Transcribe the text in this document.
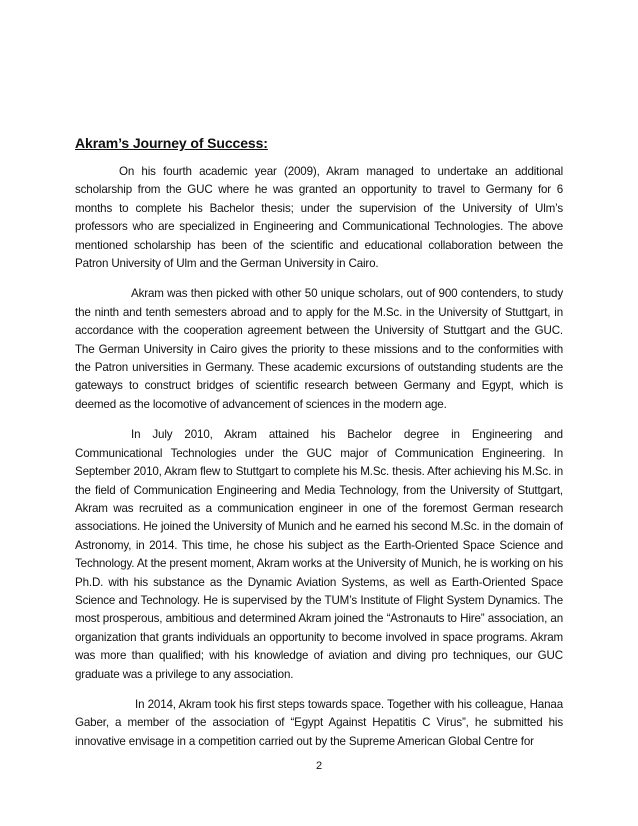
Akram’s Journey of Success:

On his fourth academic year (2009), Akram managed to undertake an additional scholarship from the GUC where he was granted an opportunity to travel to Germany for 6 months to complete his Bachelor thesis; under the supervision of the University of Ulm’s professors who are specialized in Engineering and Communicational Technologies. The above mentioned scholarship has been of the scientific and educational collaboration between the Patron University of Ulm and the German University in Cairo.

Akram was then picked with other 50 unique scholars, out of 900 contenders, to study the ninth and tenth semesters abroad and to apply for the M.Sc. in the University of Stuttgart, in accordance with the cooperation agreement between the University of Stuttgart and the GUC. The German University in Cairo gives the priority to these missions and to the conformities with the Patron universities in Germany. These academic excursions of outstanding students are the gateways to construct bridges of scientific research between Germany and Egypt, which is deemed as the locomotive of advancement of sciences in the modern age.

In July 2010, Akram attained his Bachelor degree in Engineering and Communicational Technologies under the GUC major of Communication Engineering. In September 2010, Akram flew to Stuttgart to complete his M.Sc. thesis. After achieving his M.Sc. in the field of Communication Engineering and Media Technology, from the University of Stuttgart, Akram was recruited as a communication engineer in one of the foremost German research associations. He joined the University of Munich and he earned his second M.Sc. in the domain of Astronomy, in 2014. This time, he chose his subject as the Earth-Oriented Space Science and Technology. At the present moment, Akram works at the University of Munich, he is working on his Ph.D. with his substance as the Dynamic Aviation Systems, as well as Earth-Oriented Space Science and Technology. He is supervised by the TUM’s Institute of Flight System Dynamics. The most prosperous, ambitious and determined Akram joined the “Astronauts to Hire” association, an organization that grants individuals an opportunity to become involved in space programs. Akram was more than qualified; with his knowledge of aviation and diving pro techniques, our GUC graduate was a privilege to any association.

In 2014, Akram took his first steps towards space. Together with his colleague, Hanaa Gaber, a member of the association of “Egypt Against Hepatitis C Virus”, he submitted his innovative envisage in a competition carried out by the Supreme American Global Centre for

2
